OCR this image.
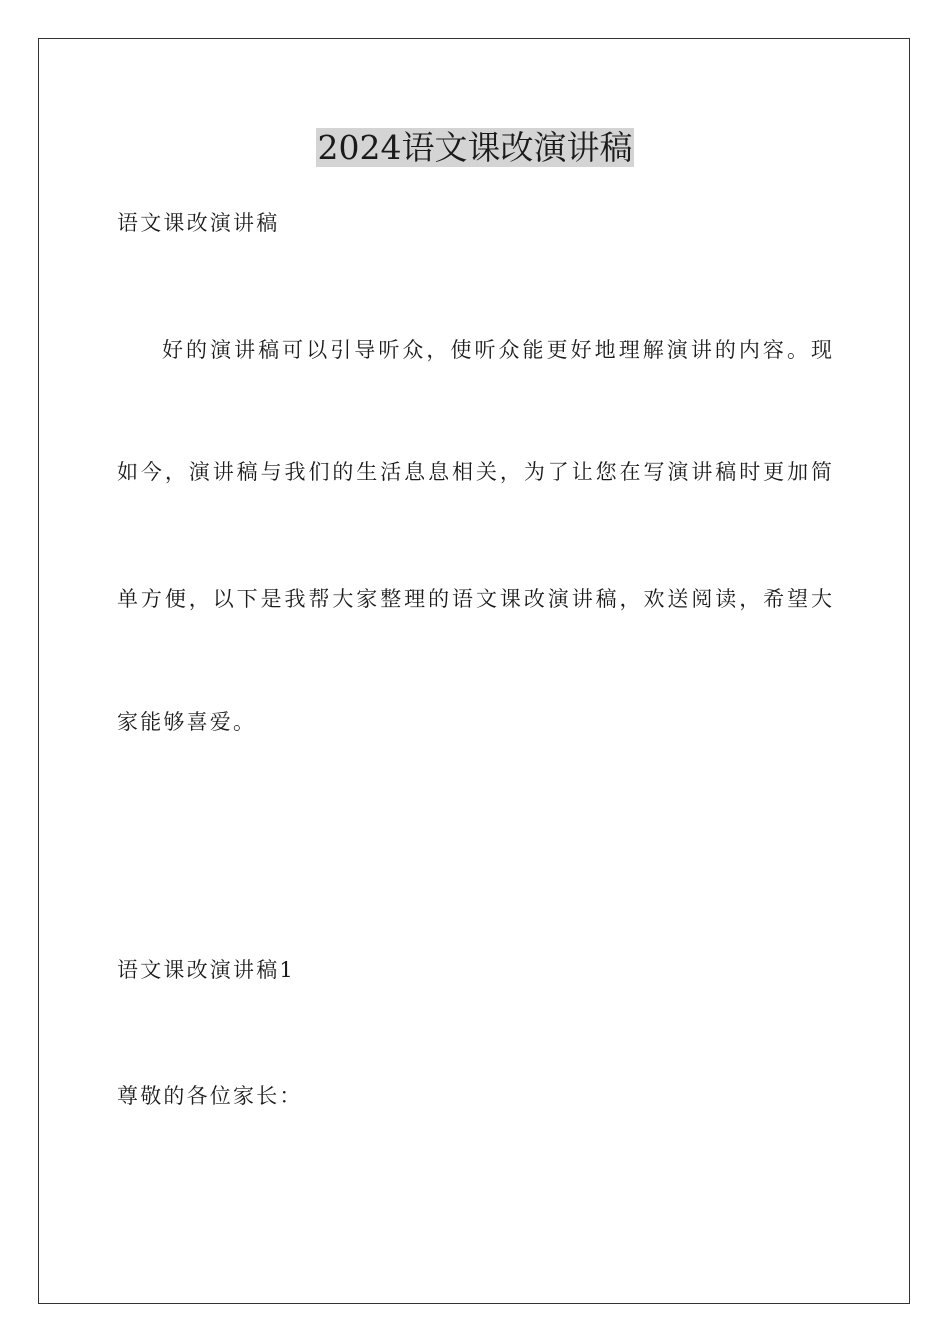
2024语文课改演讲稿

语文课改演讲稿

好的演讲稿可以引导听众，使听众能更好地理解演讲的内容。现

如今，演讲稿与我们的生活息息相关，为了让您在写演讲稿时更加简

单方便，以下是我帮大家整理的语文课改演讲稿，欢送阅读，希望大

家能够喜爱。

语文课改演讲稿1

尊敬的各位家长：
